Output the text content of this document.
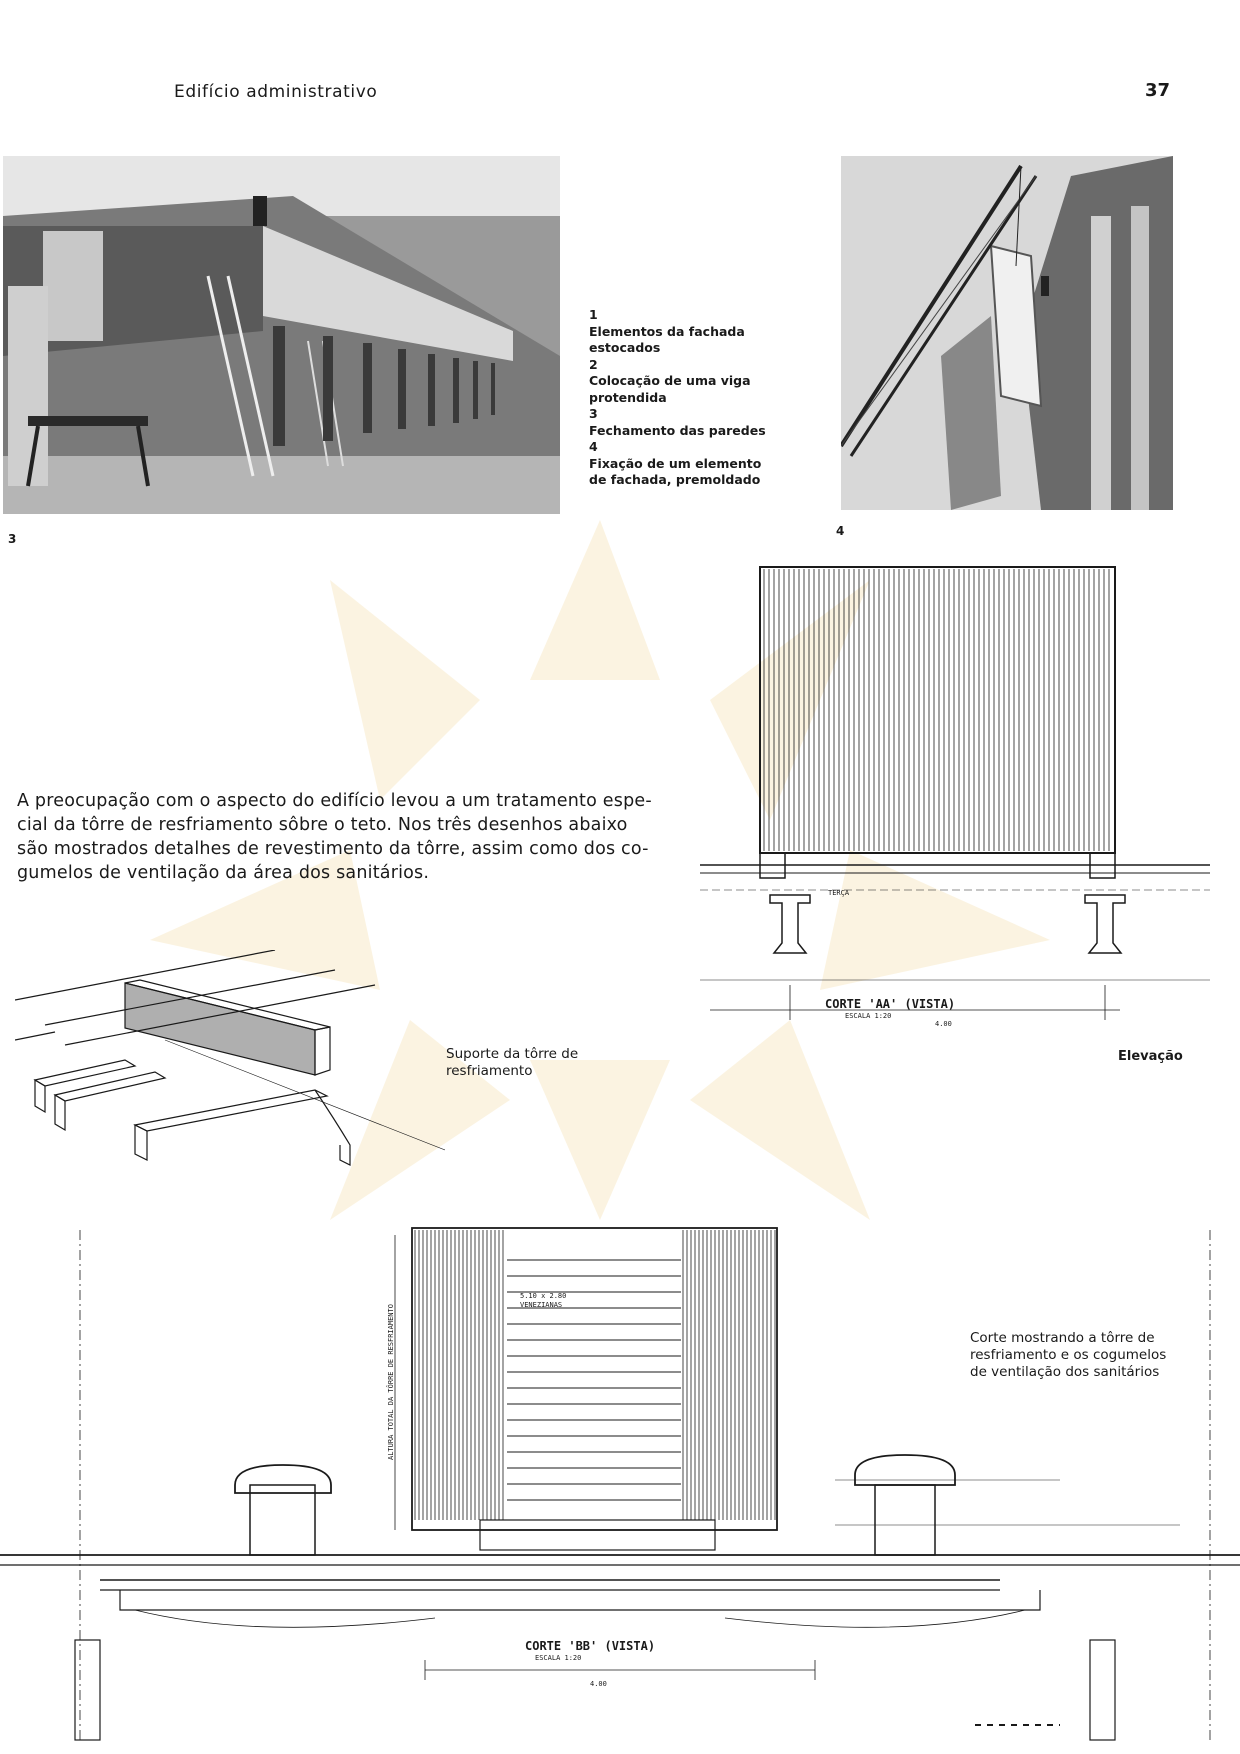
Edifício administrativo	37
3
1
Elementos da fachada
estocados
2
Colocação de uma viga
protendida
3
Fechamento das paredes
4
Fixação de um elemento
de fachada, premoldado
4
A preocupação com o aspecto do edifício levou a um tratamento espe-
cial da tôrre de resfriamento sôbre o teto. Nos três desenhos abaixo
são mostrados detalhes de revestimento da tôrre, assim como dos co-
gumelos de ventilação da área dos sanitários.
TERÇA
CORTE 'AA' (VISTA)
ESCALA 1:20
4.00
Elevação
Suporte da tôrre de
resfriamento
5.10 x 2.80
VENEZIANAS
ALTURA TOTAL DA TÔRRE DE RESFRIAMENTO
CORTE 'BB' (VISTA)
ESCALA 1:20
4.00
Corte mostrando a tôrre de
resfriamento e os cogumelos
de ventilação dos sanitários
